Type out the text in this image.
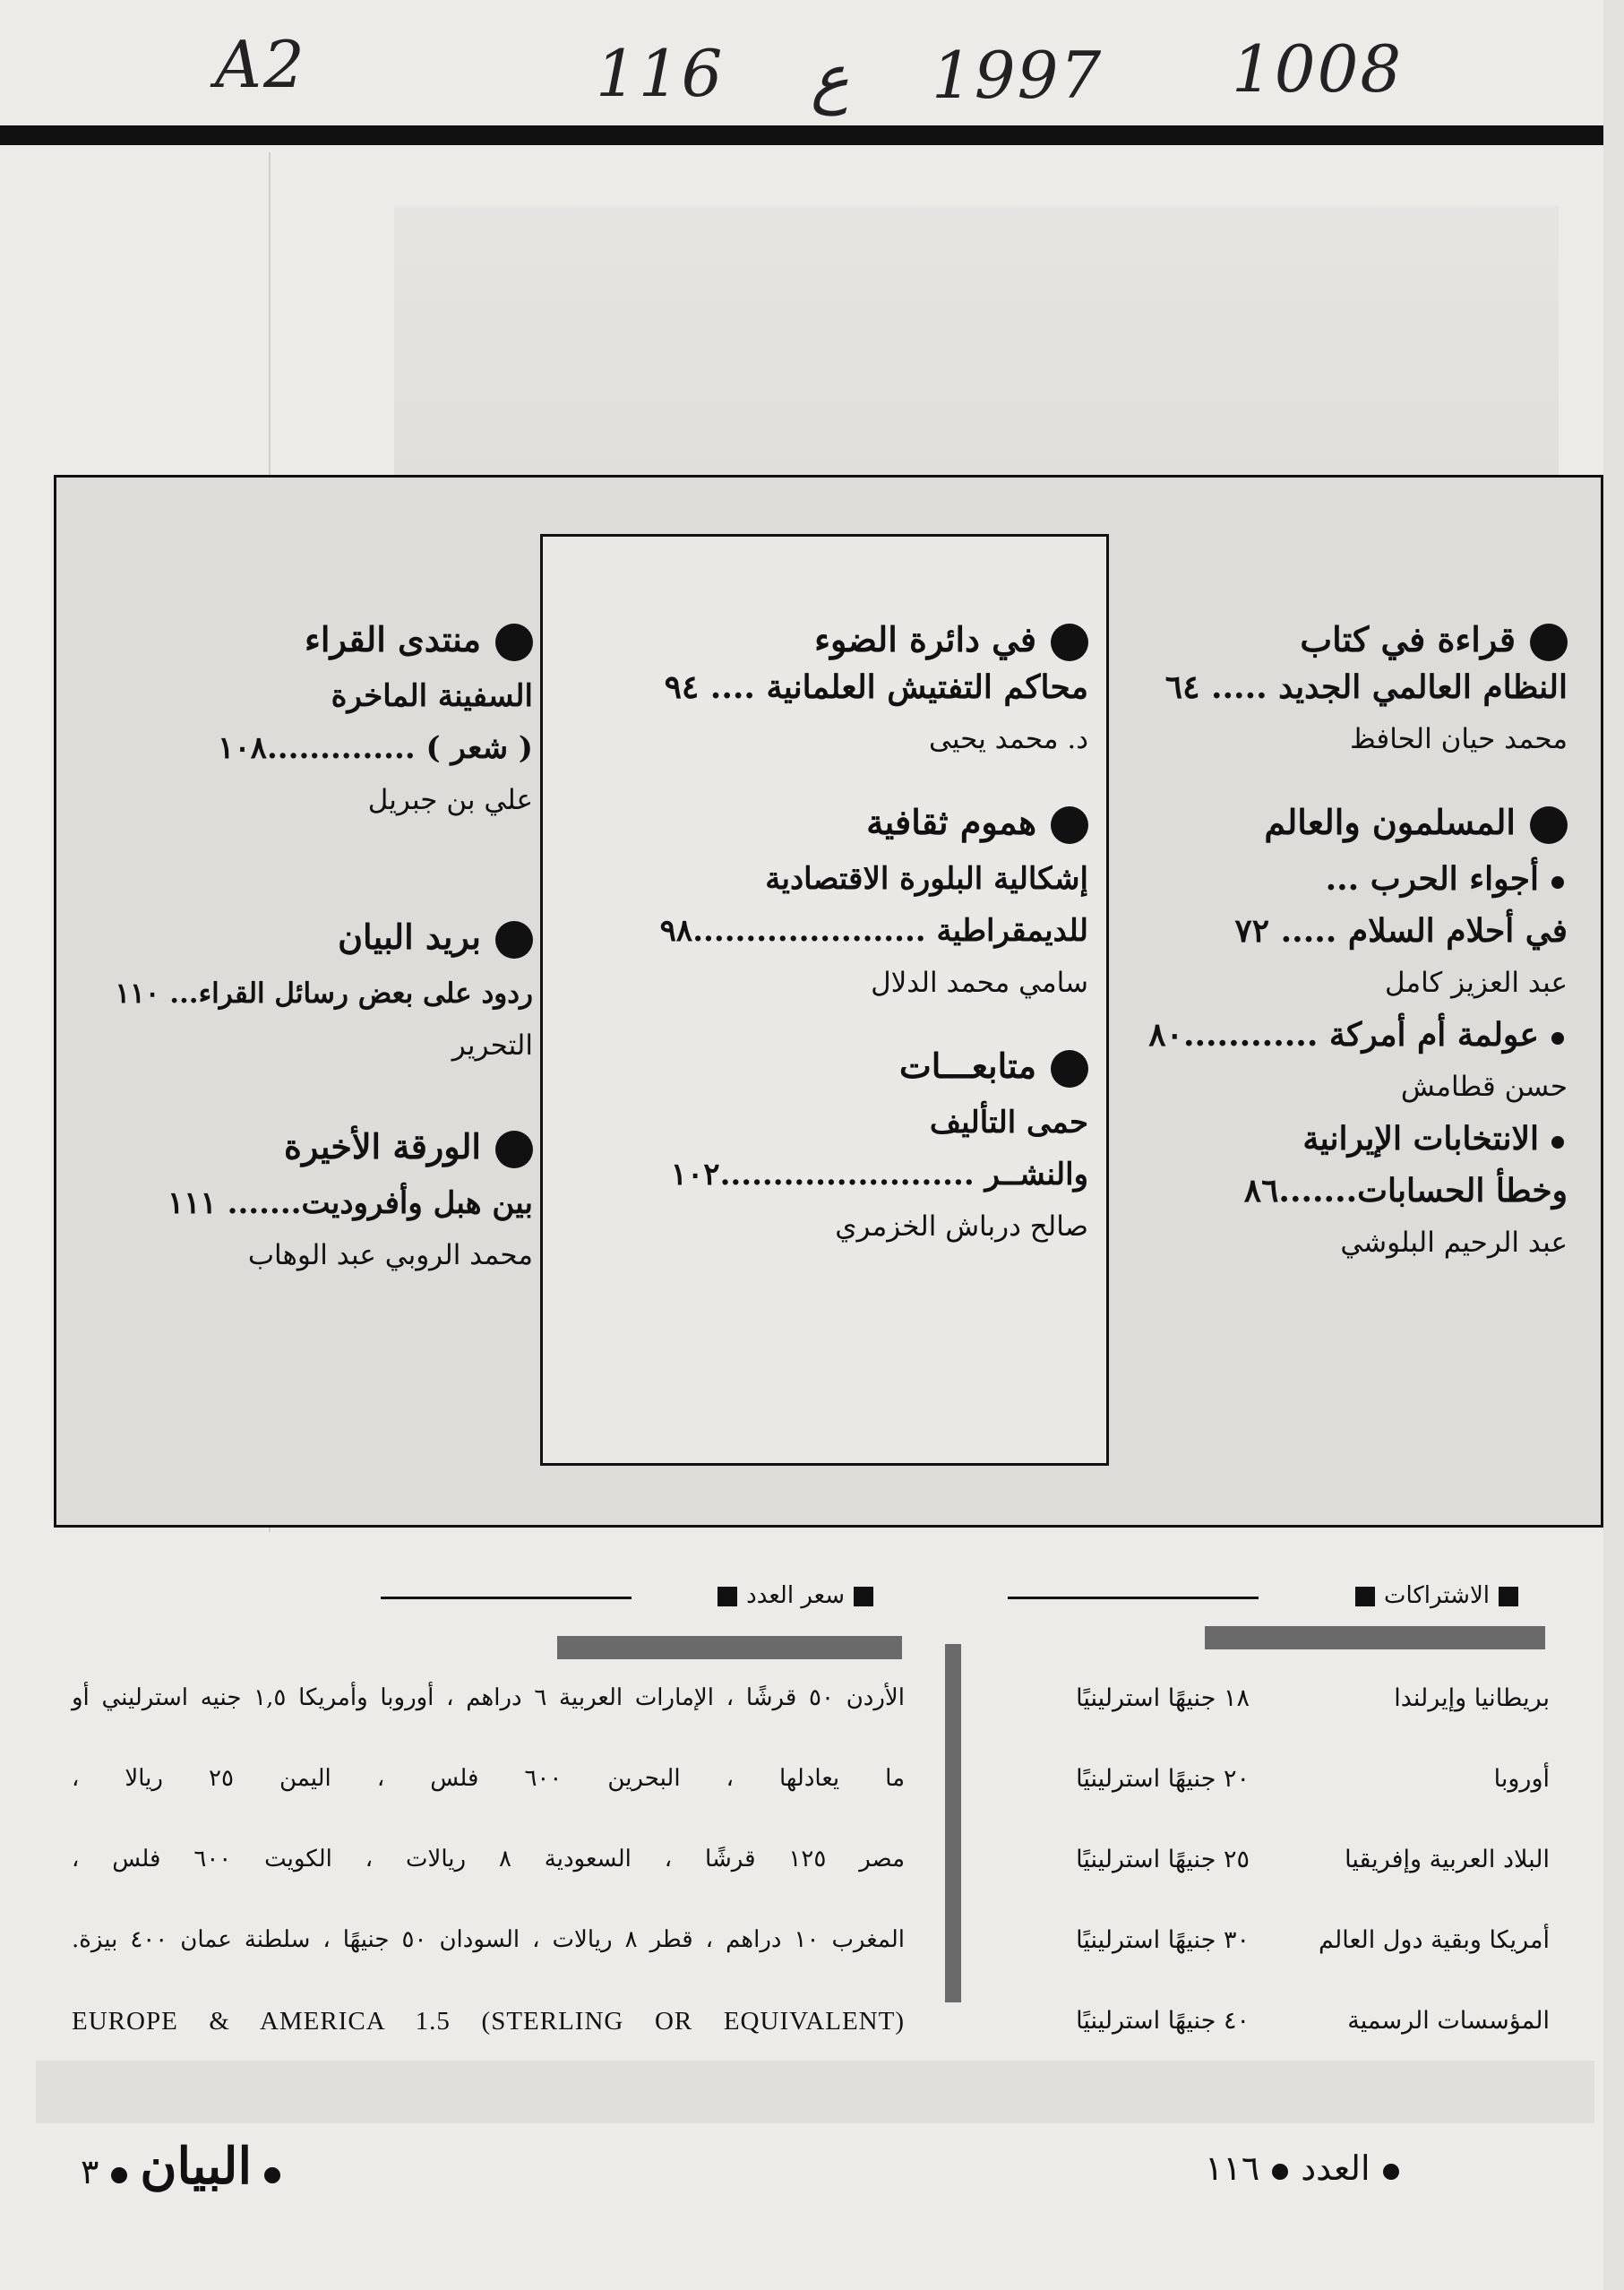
A2	116 ع 1997 1008
قراءة في كتاب
النظام العالمي الجديد ..... ٦٤
محمد حيان الحافظ
المسلمون والعالم
أجواء الحرب ...
في أحلام السلام ..... ٧٢
عبد العزيز كامل
عولمة أم أمركة ............٨٠
حسن قطامش
الانتخابات الإيرانية
وخطأ الحسابات.......٨٦
عبد الرحيم البلوشي
في دائرة الضوء
محاكم التفتيش العلمانية .... ٩٤
د. محمد يحيى
هموم ثقافية
إشكالية البلورة الاقتصادية
للديمقراطية ......................٩٨
سامي محمد الدلال
متابعـــات
حمى التأليف
والنشــر ........................١٠٢
صالح درباش الخزمري
منتدى القراء
السفينة الماخرة
( شعر ) ..............١٠٨
علي بن جبريل
بريد البيان
ردود على بعض رسائل القراء... ١١٠
التحرير
الورقة الأخيرة
بين هبل وأفروديت....... ١١١
محمد الروبي عبد الوهاب
الاشتراكات
سعر العدد
بريطانيا وإيرلندا
١٨ جنيهًا استرلينيًا
أوروبا
٢٠ جنيهًا استرلينيًا
البلاد العربية وإفريقيا
٢٥ جنيهًا استرلينيًا
أمريكا وبقية دول العالم
٣٠ جنيهًا استرلينيًا
المؤسسات الرسمية
٤٠ جنيهًا استرلينيًا
الأردن ٥٠ قرشًا ، الإمارات العربية ٦ دراهم ، أوروبا وأمريكا ١,٥ جنيه استرليني أو
ما يعادلها ، البحرين ٦٠٠ فلس ، اليمن ٢٥ ريالا ،
مصر ١٢٥ قرشًا ، السعودية ٨ ريالات ، الكويت ٦٠٠ فلس ،
المغرب ١٠ دراهم ، قطر ٨ ريالات ، السودان ٥٠ جنيهًا ، سلطنة عمان ٤٠٠ بيزة.
EUROPE & AMERICA 1.5 (STERLING OR EQUIVALENT)
العدد١١٦
البيان٣
